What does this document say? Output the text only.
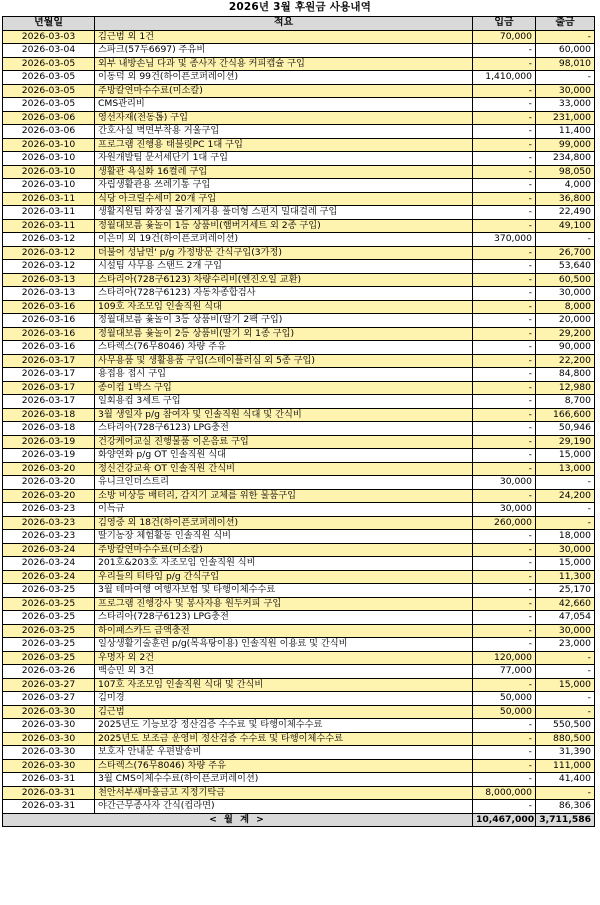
2026년 3월 후원금 사용내역
년월일	적요	입금	출금
2026-03-03	김근범 외 1건	70,000	-
2026-03-04	스파크(57두6697) 주유비	-	60,000
2026-03-05	외부 내방손님 다과 및 종사자 간식용 커피캡슐 구입	-	98,010
2026-03-05	이동덕 외 99건(하이픈코퍼레이션)	1,410,000	-
2026-03-05	주방칼연마수수료(미소칼)	-	30,000
2026-03-05	CMS관리비	-	33,000
2026-03-06	영선자재(전동톱) 구입	-	231,000
2026-03-06	간호사실 벽면부착용 거울구입	-	11,400
2026-03-10	프로그램 진행용 태블릿PC 1대 구입	-	99,000
2026-03-10	자원개발팀 문서세단기 1대 구입	-	234,800
2026-03-10	생활관 욕실화 16켤레 구입	-	98,050
2026-03-10	자립생활관용 쓰레기통 구입	-	4,000
2026-03-11	식당 아크릴수세미 20개 구입	-	36,800
2026-03-11	생활지원팀 화장실 물기제거용 풀더형 스펀지 밀대걸레 구입	-	22,490
2026-03-11	정월대보름 윷놀이 1등 상품비(햄버거세트 외 2종 구입)	-	49,100
2026-03-12	이은미 외 19건(하이픈코퍼레이션)	370,000	-
2026-03-12	더불어 성남면' p/g 가정방문 간식구입(3가정)	-	26,700
2026-03-12	시설팀 사무용 스탠드 2개 구입	-	53,640
2026-03-13	스타리아(728구6123) 차량수리비(엔진오일 교환)	-	60,500
2026-03-13	스타리아(728구6123) 자동차종합검사	-	30,000
2026-03-16	109호 자조모임 인솔직원 식대	-	8,000
2026-03-16	정월대보름 윷놀이 3등 상품비(딸기 2팩 구입)	-	20,000
2026-03-16	정월대보름 윷놀이 2등 상품비(딸기 외 1종 구입)	-	29,200
2026-03-16	스타렉스(76무8046) 차량 주유	-	90,000
2026-03-17	사무용품 및 생활용품 구입(스테이플러심 외 5종 구입)	-	22,200
2026-03-17	용접용 접시 구입	-	84,800
2026-03-17	종이컵 1박스 구입	-	12,980
2026-03-17	일회용컵 3세트 구입	-	8,700
2026-03-18	3월 생일자 p/g 참여자 및 인솔직원 식대 및 간식비	-	166,600
2026-03-18	스타리아(728구6123) LPG충전	-	50,946
2026-03-19	건강케어교실 진행물품 이온음료 구입	-	29,190
2026-03-19	화양연화 p/g OT 인솔직원 식대	-	15,000
2026-03-20	정신건강교육 OT 인솔직원 간식비	-	13,000
2026-03-20	유니크인더스트리	30,000	-
2026-03-20	소방 비상등 배터리, 감지기 교체를 위한 물품구입	-	24,200
2026-03-23	이득규	30,000	-
2026-03-23	김영중 외 18건(하이픈코퍼레이션)	260,000	-
2026-03-23	딸기농장 체험활동 인솔직원 식비	-	18,000
2026-03-24	주방칼연마수수료(미소칼)	-	30,000
2026-03-24	201호&203호 자조모임 인솔직원 식비	-	15,000
2026-03-24	우리들의 티타임 p/g 간식구입	-	11,300
2026-03-25	3월 테마여행 여행자보험 및 타행이체수수료	-	25,170
2026-03-25	프로그램 진행강사 및 봉사자용 원두커피 구입	-	42,660
2026-03-25	스타리아(728구6123) LPG충전	-	47,054
2026-03-25	하이패스카드 금액충전	-	30,000
2026-03-25	일상생활기술훈련 p/g(목욕탕이용) 인솔직원 이용료 및 간식비	-	23,000
2026-03-25	우명자 외 2건	120,000	-
2026-03-26	백승민 외 3건	77,000	-
2026-03-27	107호 자조모임 인솔직원 식대 및 간식비	-	15,000
2026-03-27	김미경	50,000	-
2026-03-30	김근범	50,000	-
2026-03-30	2025년도 기능보강 정산검증 수수료 및 타행이체수수료	-	550,500
2026-03-30	2025년도 보조금 운영비 정산검증 수수료 및 타행이체수수료	-	880,500
2026-03-30	보호자 안내문 우편발송비	-	31,390
2026-03-30	스타렉스(76무8046) 차량 주유	-	111,000
2026-03-31	3월 CMS이체수수료(하이픈코퍼레이션)	-	41,400
2026-03-31	천안서부새마을금고 지정기탁금	8,000,000	-
2026-03-31	야간근무종사자 간식(컵라면)	-	86,306
< 월 계 >		10,467,000	3,711,586
